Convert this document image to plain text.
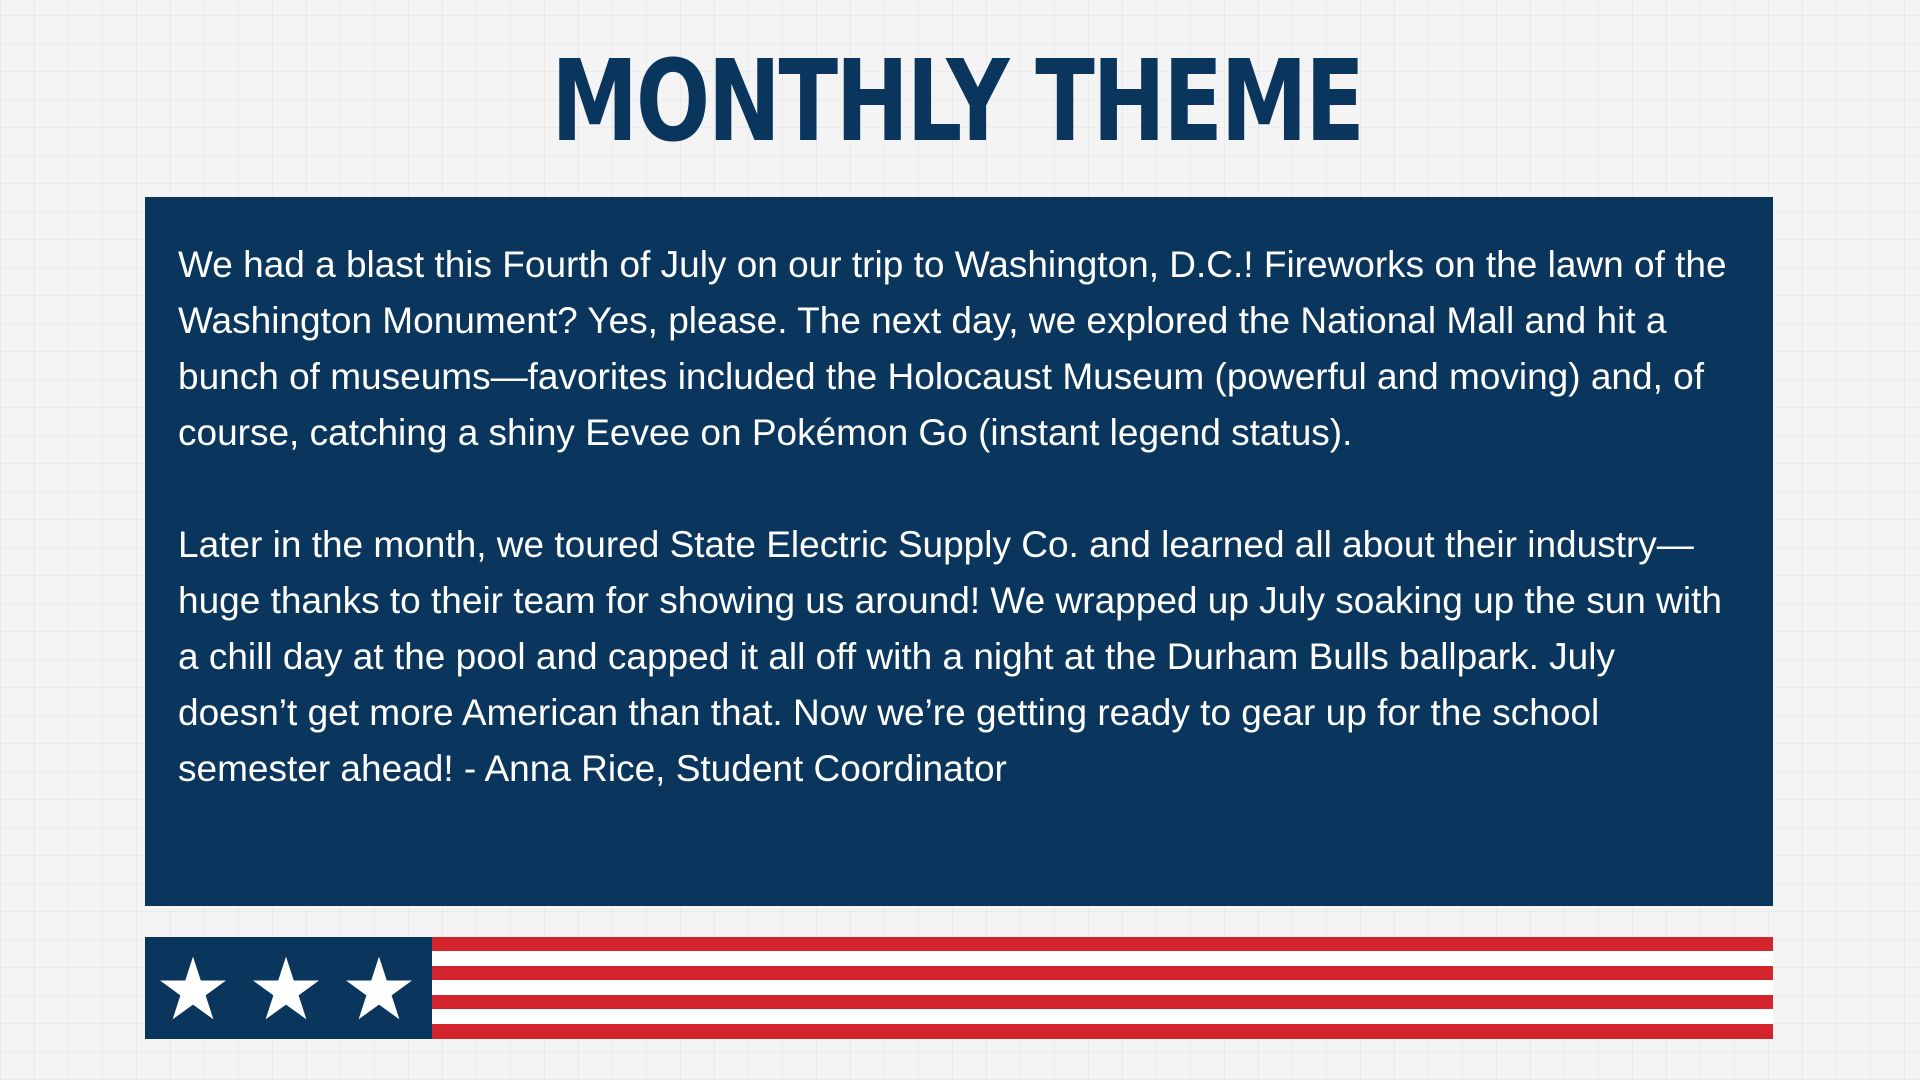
MONTHLY THEME

We had a blast this Fourth of July on our trip to Washington, D.C.! Fireworks on the lawn of the Washington Monument? Yes, please. The next day, we explored the National Mall and hit a bunch of museums—favorites included the Holocaust Museum (powerful and moving) and, of course, catching a shiny Eevee on Pokémon Go (instant legend status).

Later in the month, we toured State Electric Supply Co. and learned all about their industry—huge thanks to their team for showing us around! We wrapped up July soaking up the sun with a chill day at the pool and capped it all off with a night at the Durham Bulls ballpark. July doesn’t get more American than that. Now we’re getting ready to gear up for the school semester ahead! - Anna Rice, Student Coordinator
